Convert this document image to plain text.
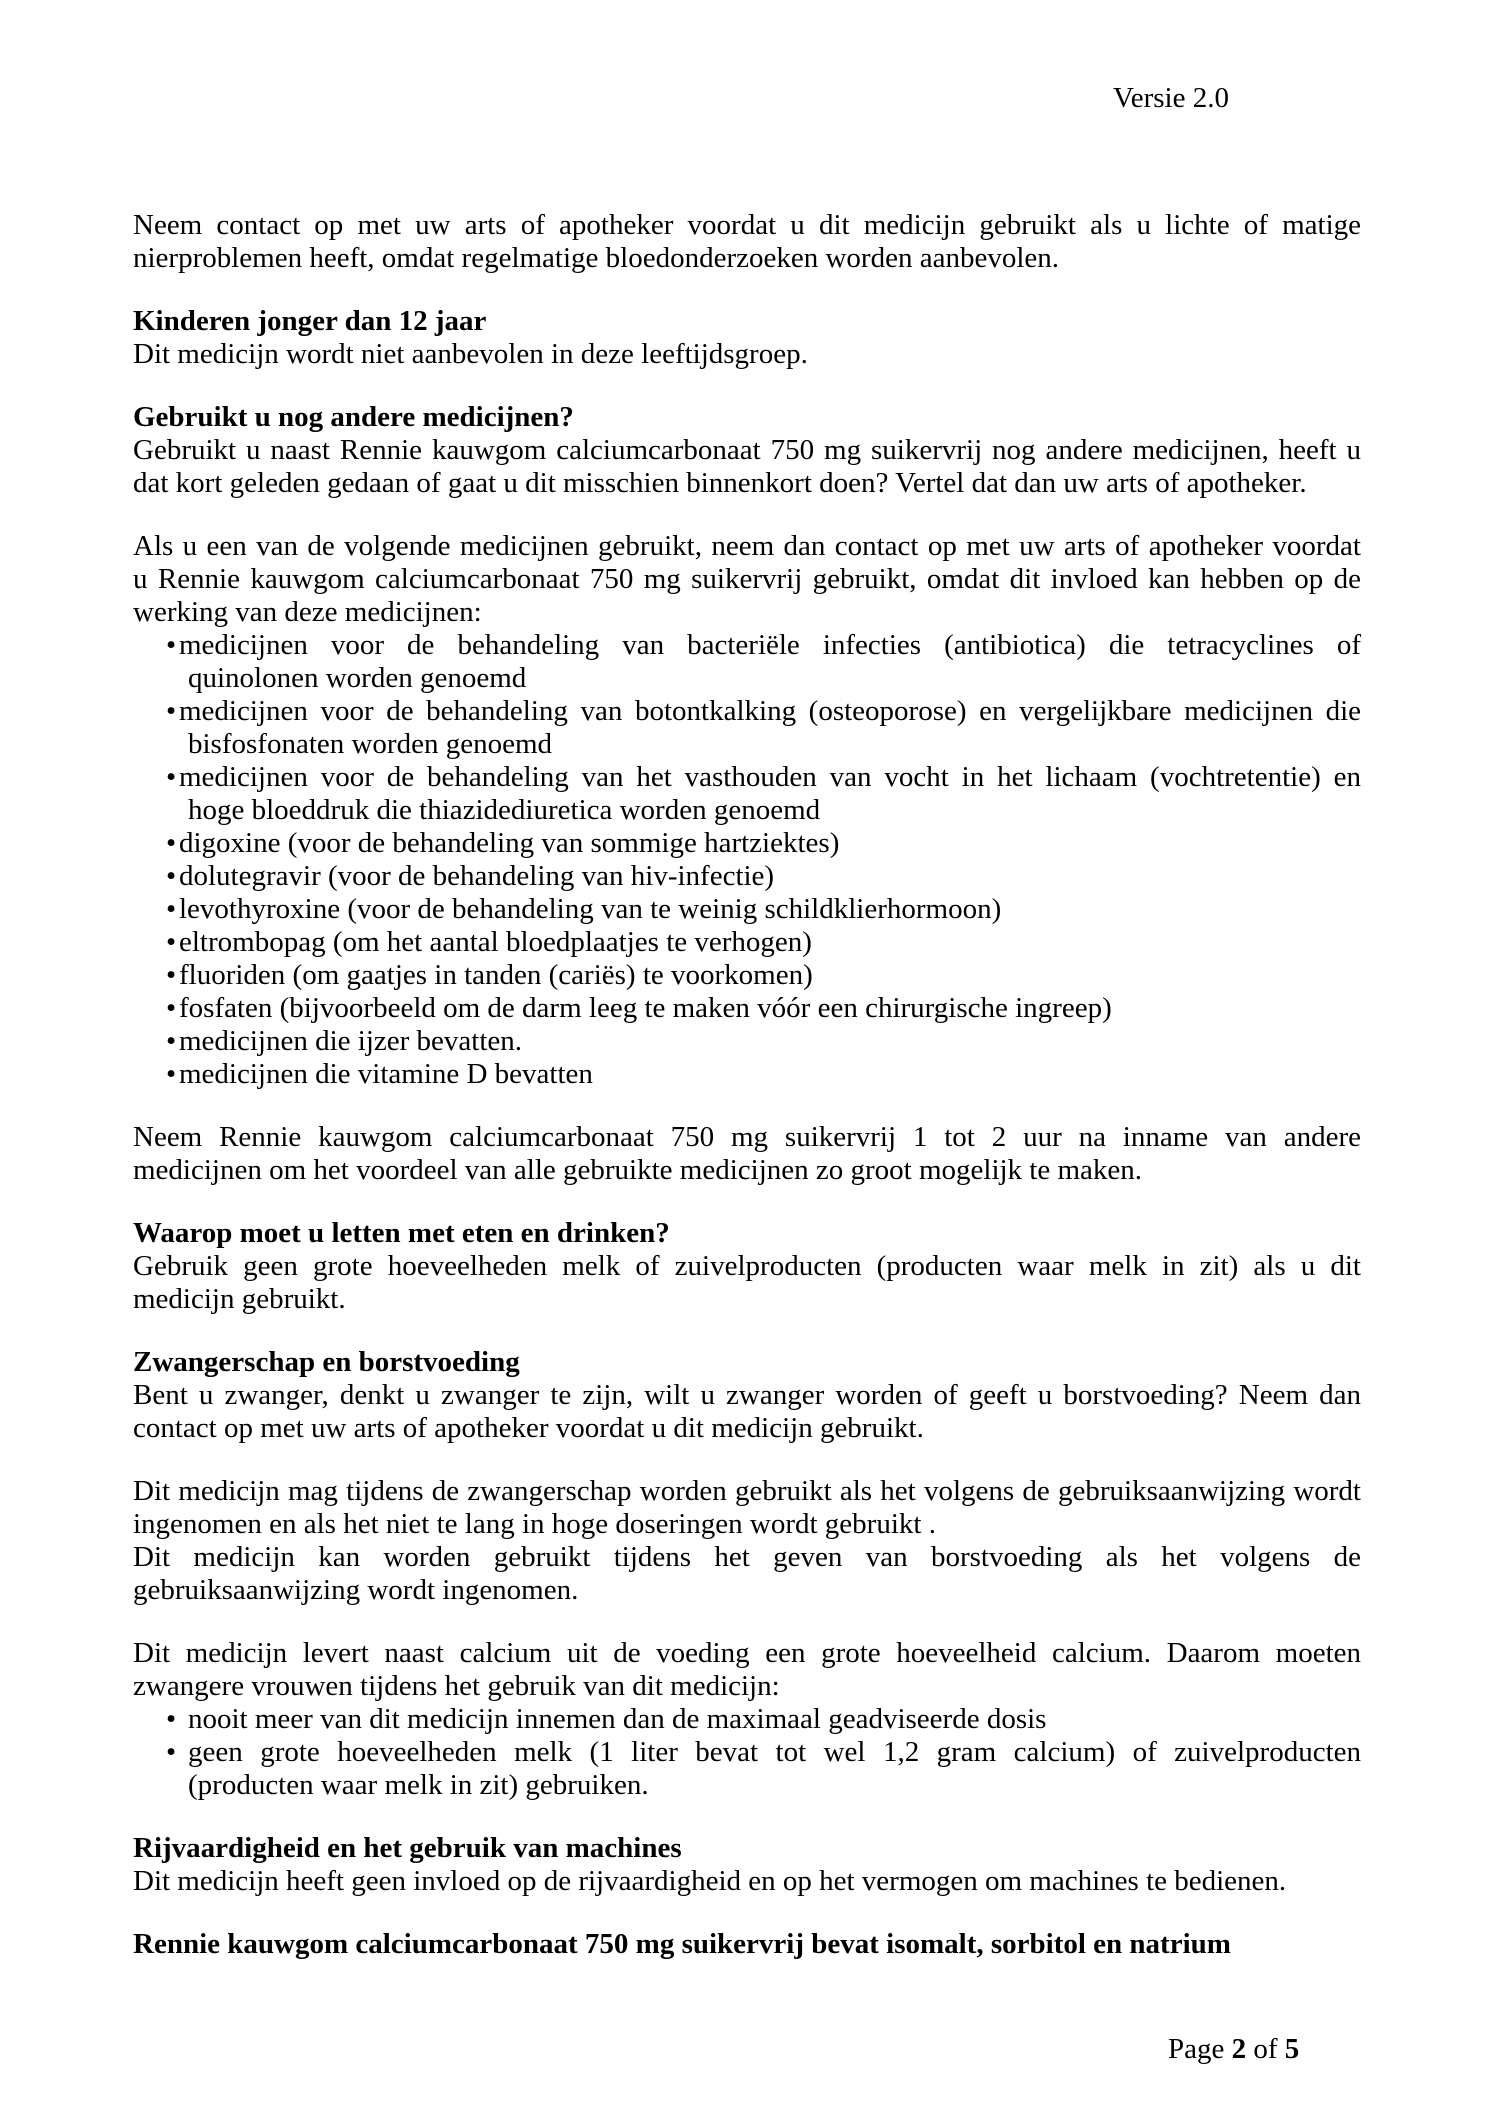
Versie 2.0
Neem contact op met uw arts of apotheker voordat u dit medicijn gebruikt als u lichte of matige
nierproblemen heeft, omdat regelmatige bloedonderzoeken worden aanbevolen.
Kinderen jonger dan 12 jaar
Dit medicijn wordt niet aanbevolen in deze leeftijdsgroep.
Gebruikt u nog andere medicijnen?
Gebruikt u naast Rennie kauwgom calciumcarbonaat 750 mg suikervrij nog andere medicijnen, heeft u
dat kort geleden gedaan of gaat u dit misschien binnenkort doen? Vertel dat dan uw arts of apotheker.
Als u een van de volgende medicijnen gebruikt, neem dan contact op met uw arts of apotheker voordat
u Rennie kauwgom calciumcarbonaat 750 mg suikervrij gebruikt, omdat dit invloed kan hebben op de
werking van deze medicijnen:
• medicijnen voor de behandeling van bacteriële infecties (antibiotica) die tetracyclines of
quinolonen worden genoemd
• medicijnen voor de behandeling van botontkalking (osteoporose) en vergelijkbare medicijnen die
bisfosfonaten worden genoemd
• medicijnen voor de behandeling van het vasthouden van vocht in het lichaam (vochtretentie) en
hoge bloeddruk die thiazidediuretica worden genoemd
• digoxine (voor de behandeling van sommige hartziektes)
• dolutegravir (voor de behandeling van hiv-infectie)
• levothyroxine (voor de behandeling van te weinig schildklierhormoon)
• eltrombopag (om het aantal bloedplaatjes te verhogen)
• fluoriden (om gaatjes in tanden (cariës) te voorkomen)
• fosfaten (bijvoorbeeld om de darm leeg te maken vóór een chirurgische ingreep)
• medicijnen die ijzer bevatten.
• medicijnen die vitamine D bevatten
Neem Rennie kauwgom calciumcarbonaat 750 mg suikervrij 1 tot 2 uur na inname van andere
medicijnen om het voordeel van alle gebruikte medicijnen zo groot mogelijk te maken.
Waarop moet u letten met eten en drinken?
Gebruik geen grote hoeveelheden melk of zuivelproducten (producten waar melk in zit) als u dit
medicijn gebruikt.
Zwangerschap en borstvoeding
Bent u zwanger, denkt u zwanger te zijn, wilt u zwanger worden of geeft u borstvoeding? Neem dan
contact op met uw arts of apotheker voordat u dit medicijn gebruikt.
Dit medicijn mag tijdens de zwangerschap worden gebruikt als het volgens de gebruiksaanwijzing wordt
ingenomen en als het niet te lang in hoge doseringen wordt gebruikt .
Dit medicijn kan worden gebruikt tijdens het geven van borstvoeding als het volgens de
gebruiksaanwijzing wordt ingenomen.
Dit medicijn levert naast calcium uit de voeding een grote hoeveelheid calcium. Daarom moeten
zwangere vrouwen tijdens het gebruik van dit medicijn:
• nooit meer van dit medicijn innemen dan de maximaal geadviseerde dosis
• geen grote hoeveelheden melk (1 liter bevat tot wel 1,2 gram calcium) of zuivelproducten
(producten waar melk in zit) gebruiken.
Rijvaardigheid en het gebruik van machines
Dit medicijn heeft geen invloed op de rijvaardigheid en op het vermogen om machines te bedienen.
Rennie kauwgom calciumcarbonaat 750 mg suikervrij bevat isomalt, sorbitol en natrium
Page 2 of 5
